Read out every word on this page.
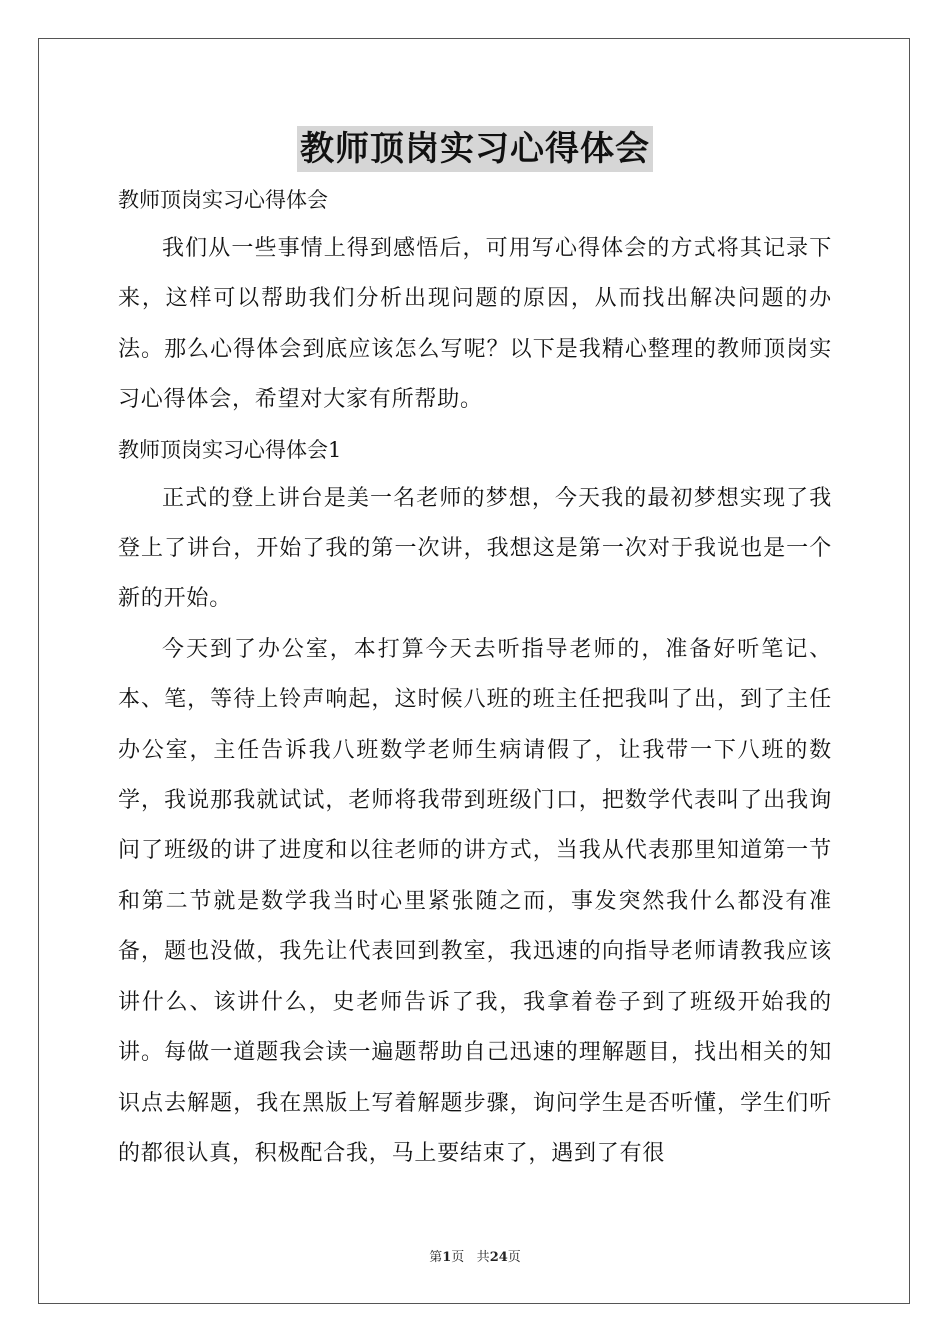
教师顶岗实习心得体会

教师顶岗实习心得体会

我们从一些事情上得到感悟后，可用写心得体会的方式将其记录下来，这样可以帮助我们分析出现问题的原因，从而找出解决问题的办法。那么心得体会到底应该怎么写呢？以下是我精心整理的教师顶岗实习心得体会，希望对大家有所帮助。

教师顶岗实习心得体会1

正式的登上讲台是美一名老师的梦想，今天我的最初梦想实现了我登上了讲台，开始了我的第一次讲，我想这是第一次对于我说也是一个新的开始。

今天到了办公室，本打算今天去听指导老师的，准备好听笔记、本、笔，等待上铃声响起，这时候八班的班主任把我叫了出，到了主任办公室，主任告诉我八班数学老师生病请假了，让我带一下八班的数学，我说那我就试试，老师将我带到班级门口，把数学代表叫了出我询问了班级的讲了进度和以往老师的讲方式，当我从代表那里知道第一节和第二节就是数学我当时心里紧张随之而，事发突然我什么都没有准备，题也没做，我先让代表回到教室，我迅速的向指导老师请教我应该讲什么、该讲什么，史老师告诉了我，我拿着卷子到了班级开始我的讲。每做一道题我会读一遍题帮助自己迅速的理解题目，找出相关的知识点去解题，我在黑版上写着解题步骤，询问学生是否听懂，学生们听的都很认真，积极配合我，马上要结束了，遇到了有很

第1页 共24页
